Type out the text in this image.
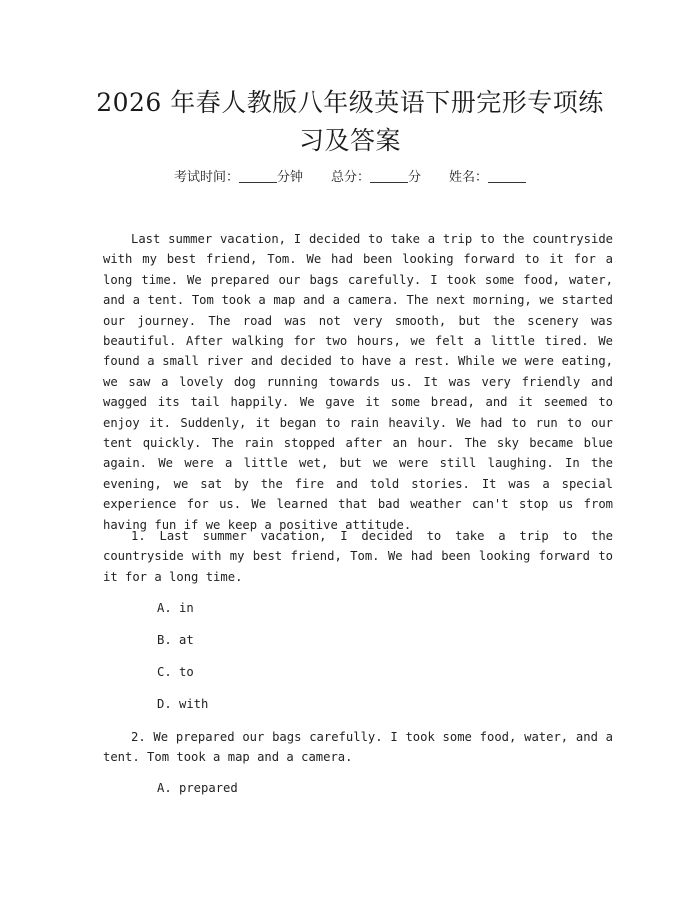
2026 年春人教版八年级英语下册完形专项练
习及答案
考试时间：	分钟 总分：	分 姓名：

Last summer vacation, I decided to take a trip to the countryside with my best friend, Tom. We had been looking forward to it for a long time. We prepared our bags carefully. I took some food, water, and a tent. Tom took a map and a camera. The next morning, we started our journey. The road was not very smooth, but the scenery was beautiful. After walking for two hours, we felt a little tired. We found a small river and decided to have a rest. While we were eating, we saw a lovely dog running towards us. It was very friendly and wagged its tail happily. We gave it some bread, and it seemed to enjoy it. Suddenly, it began to rain heavily. We had to run to our tent quickly. The rain stopped after an hour. The sky became blue again. We were a little wet, but we were still laughing. In the evening, we sat by the fire and told stories. It was a special experience for us. We learned that bad weather can't stop us from having fun if we keep a positive attitude.

1. Last summer vacation, I decided to take a trip to the countryside with my best friend, Tom. We had been looking forward to it for a long time.

A. in
B. at
C. to
D. with

2. We prepared our bags carefully. I took some food, water, and a tent. Tom took a map and a camera.

A. prepared
